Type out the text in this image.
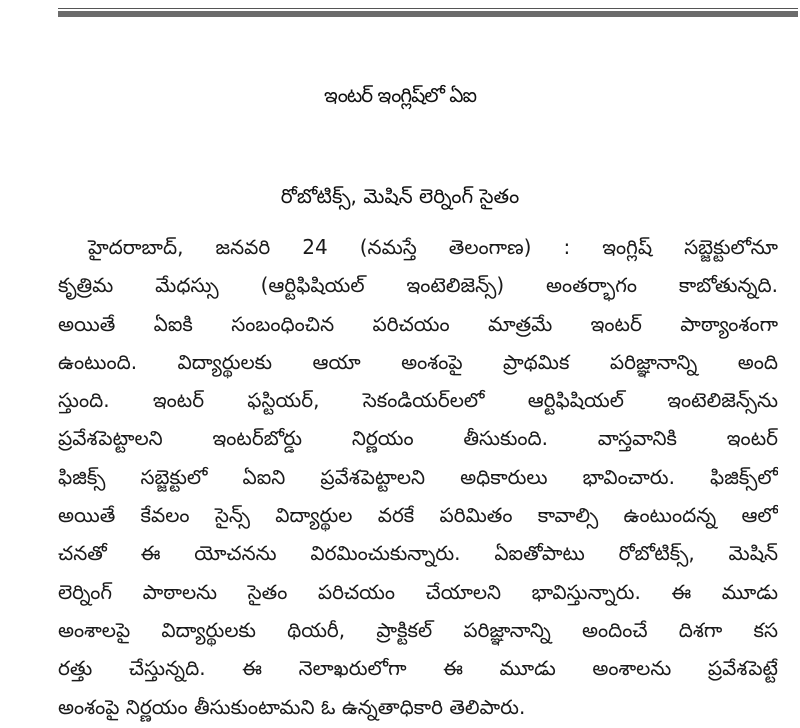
ఇంటర్ ఇంగ్లిష్‌లో ఏఐ
రోబోటిక్స్, మెషిన్ లెర్నింగ్ సైతం
హైదరాబాద్, జనవరి 24 (నమస్తే తెలంగాణ) : ఇంగ్లిష్ సబ్జెక్టులోనూ
కృత్రిమ మేధస్సు (ఆర్టిఫిషియల్ ఇంటెలిజెన్స్) అంతర్భాగం కాబోతున్నది.
అయితే ఏఐకి సంబంధించిన పరిచయం మాత్రమే ఇంటర్ పాఠ్యాంశంగా
ఉంటుంది. విద్యార్థులకు ఆయా అంశంపై ప్రాథమిక పరిజ్ఞానాన్ని అంది
స్తుంది. ఇంటర్ ఫస్టియర్, సెకండియర్‌లలో ఆర్టిఫిషియల్ ఇంటెలిజెన్స్‌ను
ప్రవేశపెట్టాలని ఇంటర్‌బోర్డు నిర్ణయం తీసుకుంది. వాస్తవానికి ఇంటర్
ఫిజిక్స్ సబ్జెక్టులో ఏఐని ప్రవేశపెట్టాలని అధికారులు భావించారు. ఫిజిక్స్‌లో
అయితే కేవలం సైన్స్ విద్యార్థుల వరకే పరిమితం కావాల్సి ఉంటుందన్న ఆలో
చనతో ఈ యోచనను విరమించుకున్నారు. ఏఐతోపాటు రోబోటిక్స్, మెషిన్
లెర్నింగ్ పాఠాలను సైతం పరిచయం చేయాలని భావిస్తున్నారు. ఈ మూడు
అంశాలపై విద్యార్థులకు థియరీ, ప్రాక్టికల్ పరిజ్ఞానాన్ని అందించే దిశగా కస
రత్తు చేస్తున్నది. ఈ నెలాఖరులోగా ఈ మూడు అంశాలను ప్రవేశపెట్టే
అంశంపై నిర్ణయం తీసుకుంటామని ఓ ఉన్నతాధికారి తెలిపారు.
